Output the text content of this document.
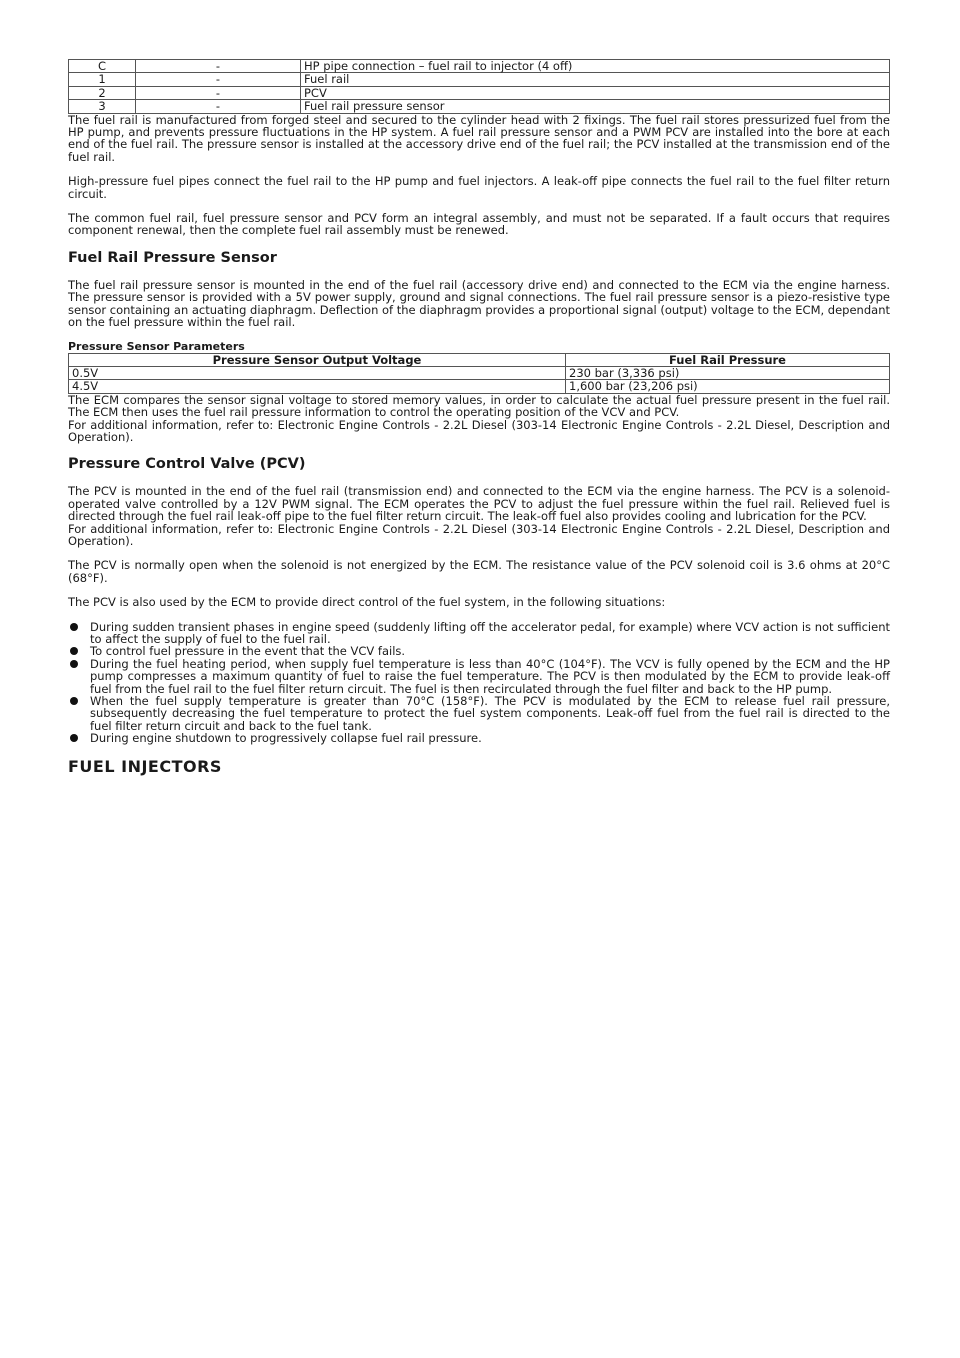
C	-	HP pipe connection – fuel rail to injector (4 off)
1	-	Fuel rail
2	-	PCV
3	-	Fuel rail pressure sensor

The fuel rail is manufactured from forged steel and secured to the cylinder head with 2 fixings. The fuel rail stores pressurized fuel from the HP pump, and prevents pressure fluctuations in the HP system. A fuel rail pressure sensor and a PWM PCV are installed into the bore at each end of the fuel rail. The pressure sensor is installed at the accessory drive end of the fuel rail; the PCV installed at the transmission end of the fuel rail.

High-pressure fuel pipes connect the fuel rail to the HP pump and fuel injectors. A leak-off pipe connects the fuel rail to the fuel filter return circuit.

The common fuel rail, fuel pressure sensor and PCV form an integral assembly, and must not be separated. If a fault occurs that requires component renewal, then the complete fuel rail assembly must be renewed.

Fuel Rail Pressure Sensor

The fuel rail pressure sensor is mounted in the end of the fuel rail (accessory drive end) and connected to the ECM via the engine harness. The pressure sensor is provided with a 5V power supply, ground and signal connections. The fuel rail pressure sensor is a piezo-resistive type sensor containing an actuating diaphragm. Deflection of the diaphragm provides a proportional signal (output) voltage to the ECM, dependant on the fuel pressure within the fuel rail.

Pressure Sensor Parameters
Pressure Sensor Output Voltage	Fuel Rail Pressure
0.5V	230 bar (3,336 psi)
4.5V	1,600 bar (23,206 psi)

The ECM compares the sensor signal voltage to stored memory values, in order to calculate the actual fuel pressure present in the fuel rail. The ECM then uses the fuel rail pressure information to control the operating position of the VCV and PCV.

For additional information, refer to: Electronic Engine Controls - 2.2L Diesel (303-14 Electronic Engine Controls - 2.2L Diesel, Description and Operation).

Pressure Control Valve (PCV)

The PCV is mounted in the end of the fuel rail (transmission end) and connected to the ECM via the engine harness. The PCV is a solenoid-operated valve controlled by a 12V PWM signal. The ECM operates the PCV to adjust the fuel pressure within the fuel rail. Relieved fuel is directed through the fuel rail leak-off pipe to the fuel filter return circuit. The leak-off fuel also provides cooling and lubrication for the PCV.

For additional information, refer to: Electronic Engine Controls - 2.2L Diesel (303-14 Electronic Engine Controls - 2.2L Diesel, Description and Operation).

The PCV is normally open when the solenoid is not energized by the ECM. The resistance value of the PCV solenoid coil is 3.6 ohms at 20°C (68°F).

The PCV is also used by the ECM to provide direct control of the fuel system, in the following situations:

During sudden transient phases in engine speed (suddenly lifting off the accelerator pedal, for example) where VCV action is not sufficient to affect the supply of fuel to the fuel rail.
To control fuel pressure in the event that the VCV fails.
During the fuel heating period, when supply fuel temperature is less than 40°C (104°F). The VCV is fully opened by the ECM and the HP pump compresses a maximum quantity of fuel to raise the fuel temperature. The PCV is then modulated by the ECM to provide leak-off fuel from the fuel rail to the fuel filter return circuit. The fuel is then recirculated through the fuel filter and back to the HP pump.
When the fuel supply temperature is greater than 70°C (158°F). The PCV is modulated by the ECM to release fuel rail pressure, subsequently decreasing the fuel temperature to protect the fuel system components. Leak-off fuel from the fuel rail is directed to the fuel filter return circuit and back to the fuel tank.
During engine shutdown to progressively collapse fuel rail pressure.
FUEL INJECTORS
